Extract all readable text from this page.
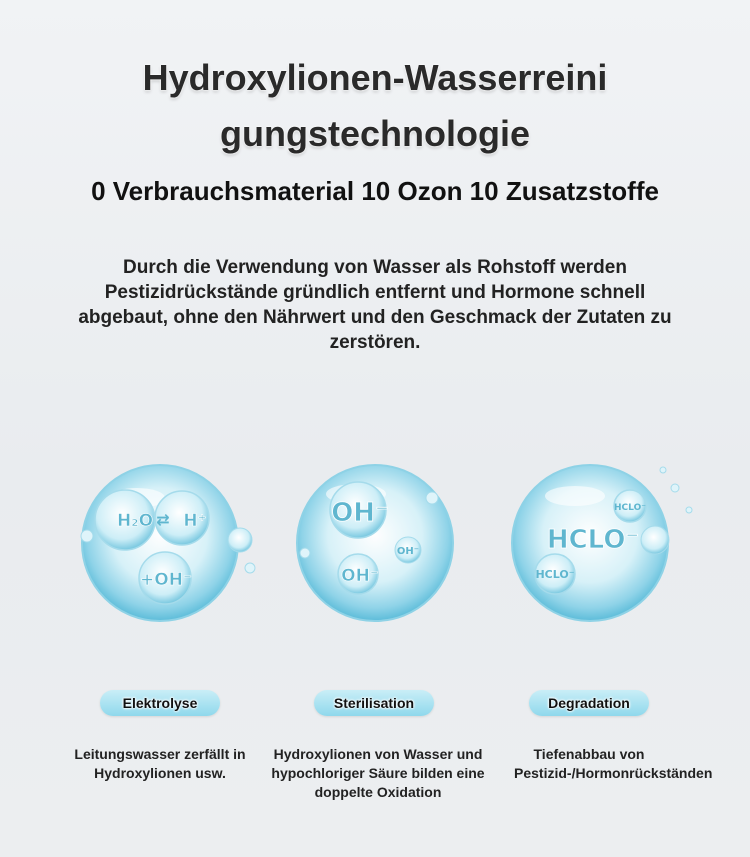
Hydroxylionen-Wasserreini
gungstechnologie
0 Verbrauchsmaterial 10 Ozon 10 Zusatzstoffe
Durch die Verwendung von Wasser als Rohstoff werden Pestizidrückstände gründlich entfernt und Hormone schnell abgebaut, ohne den Nährwert und den Geschmack der Zutaten zu zerstören.
H₂O ⇄ H⁺
+OH⁻
OH⁻
OH⁻
OH⁻	HCLO⁻
HCLO⁻
HCLO⁻
Elektrolyse	Sterilisation	Degradation
Leitungswasser zerfällt in Hydroxylionen usw.
Hydroxylionen von Wasser und hypochloriger Säure bilden eine doppelte Oxidation
Tiefenabbau von Pestizid-/Hormonrückständen
